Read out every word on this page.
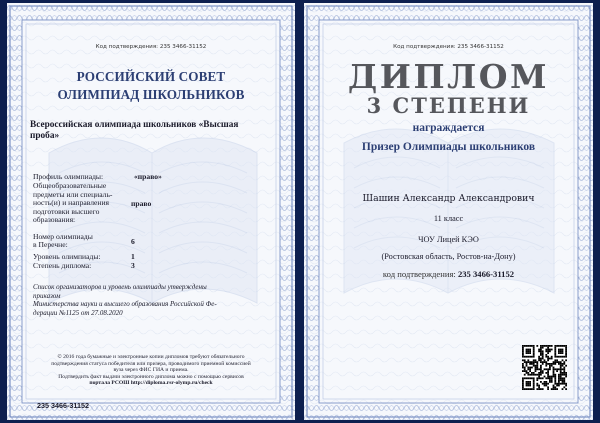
Код подтверждения: 235 3466-31152
РОССИЙСКИЙ СОВЕТ
ОЛИМПИАД ШКОЛЬНИКОВ
Всероссийская олимпиада школьников «Высшая
проба»
Профиль олимпиады:	«право»
Общеобразовательные
предметы или специаль-
ность(и) и направления
подготовки высшего
образования:
право
Номер олимпиады
в Перечне:	6
Уровень олимпиады:	1
Степень диплома:	3
Список организаторов и уровень олимпиады утверждены
приказом
Министерства науки и высшего образования Российской Фе-
дерации №1125 от 27.08.2020
© 2016 года бумажные и электронные копии дипломов требуют обязательного
подтверждения статуса победителя или призера, проводимого приемной комиссией
вуза через ФИС ГИА и приема.
Подтвердить факт выдачи электронного диплома можно с помощью сервисов
портала РСОШ http://diploma.rsr-olymp.ru/check
235 3466-31152
Код подтверждения: 235 3466-31152
ДИПЛОМ
3 СТЕПЕНИ
награждается
Призер Олимпиады школьников
Шашин Александр Александрович
11 класс
ЧОУ Лицей КЭО
(Ростовская область, Ростов-на-Дону)
код подтверждения: 235 3466-31152
